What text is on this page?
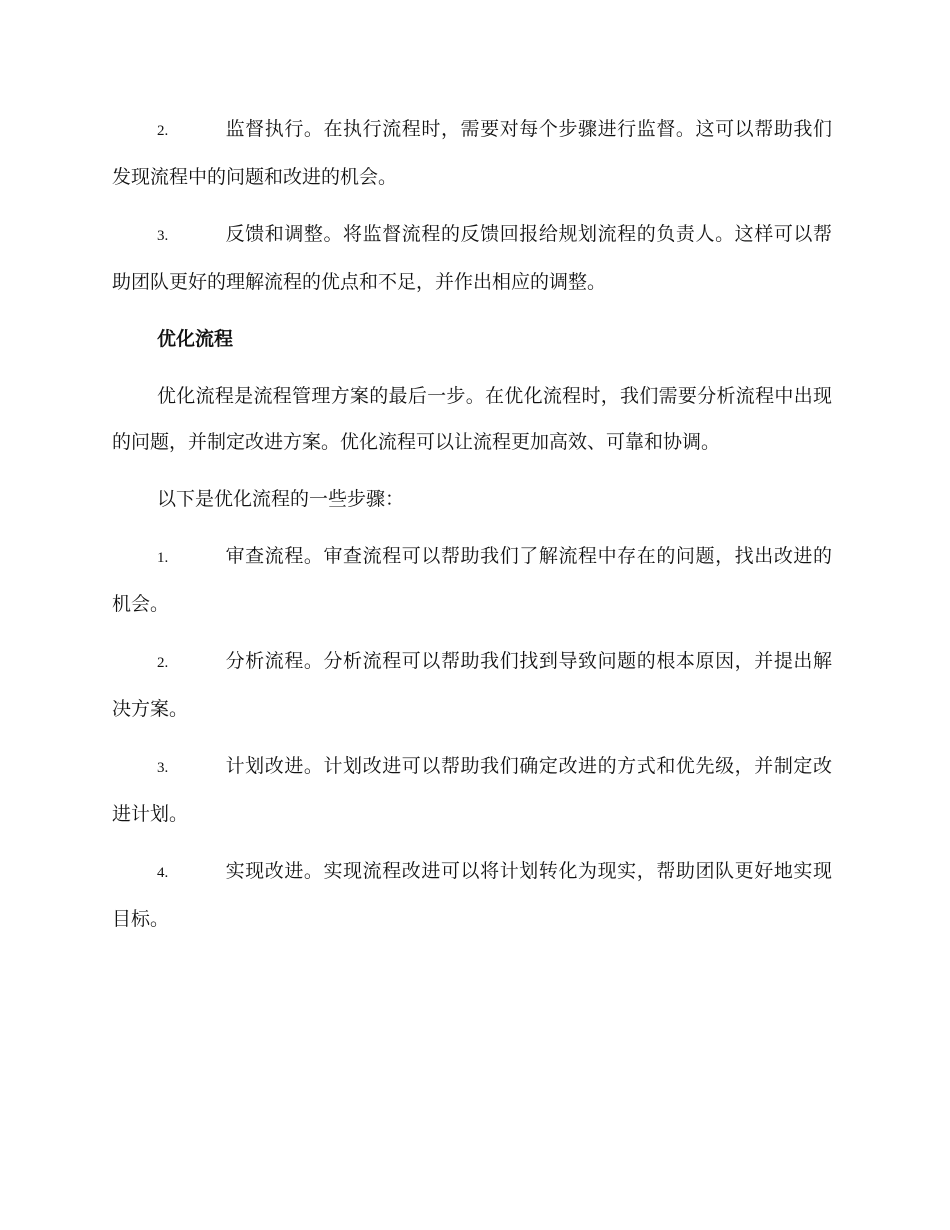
2.	监督执行。在执行流程时，需要对每个步骤进行监督。这可以帮助我们发现流程中的问题和改进的机会。
3.	反馈和调整。将监督流程的反馈回报给规划流程的负责人。这样可以帮助团队更好的理解流程的优点和不足，并作出相应的调整。
优化流程
优化流程是流程管理方案的最后一步。在优化流程时，我们需要分析流程中出现的问题，并制定改进方案。优化流程可以让流程更加高效、可靠和协调。
以下是优化流程的一些步骤：
1.	审查流程。审查流程可以帮助我们了解流程中存在的问题，找出改进的机会。
2.	分析流程。分析流程可以帮助我们找到导致问题的根本原因，并提出解决方案。
3.	计划改进。计划改进可以帮助我们确定改进的方式和优先级，并制定改进计划。
4.	实现改进。实现流程改进可以将计划转化为现实，帮助团队更好地实现目标。
